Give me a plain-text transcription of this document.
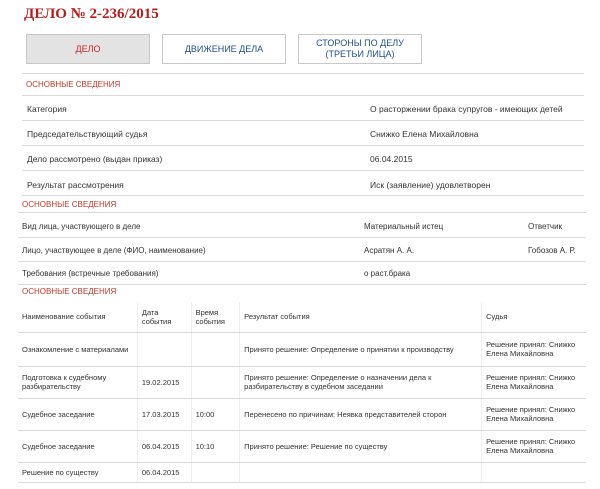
ДЕЛО № 2-236/2015
ДЕЛО	ДВИЖЕНИЕ ДЕЛА
СТОРОНЫ ПО ДЕЛУ (ТРЕТЬИ ЛИЦА)
ОСНОВНЫЕ СВЕДЕНИЯ
Категория	О расторжении брака супругов - имеющих детей
Председательствующий судья	Снижко Елена Михайловна
Дело рассмотрено (выдан приказ)	06.04.2015
Результат рассмотрения	Иск (заявление) удовлетворен
ОСНОВНЫЕ СВЕДЕНИЯ
Вид лица, участвующего в деле	Материальный истец	Ответчик
Лицо, участвующее в деле (ФИО, наименование)	Асратян А. А.	Гобозов А. Р.
Требования (встречные требования)	о раст.брака
ОСНОВНЫЕ СВЕДЕНИЯ
Наименование события	Дата события	Время события	Результат события	Судья
Ознакомление с материалами			Принято решение: Определение о принятии к производству	Решение принял: Снижко Елена Михайловна
Подготовка к судебному разбирательству	19.02.2015		Принято решение: Определение о назначении дела к разбирательству в судебном заседании	Решение принял: Снижко Елена Михайловна
Судебное заседание	17.03.2015	10:00	Перенесено по причинам: Неявка представителей сторон	Решение принял: Снижко Елена Михайловна
Судебное заседание	06.04.2015	10:10	Принято решение: Решение по существу	Решение принял: Снижко Елена Михайловна
Решение по существу	06.04.2015			
